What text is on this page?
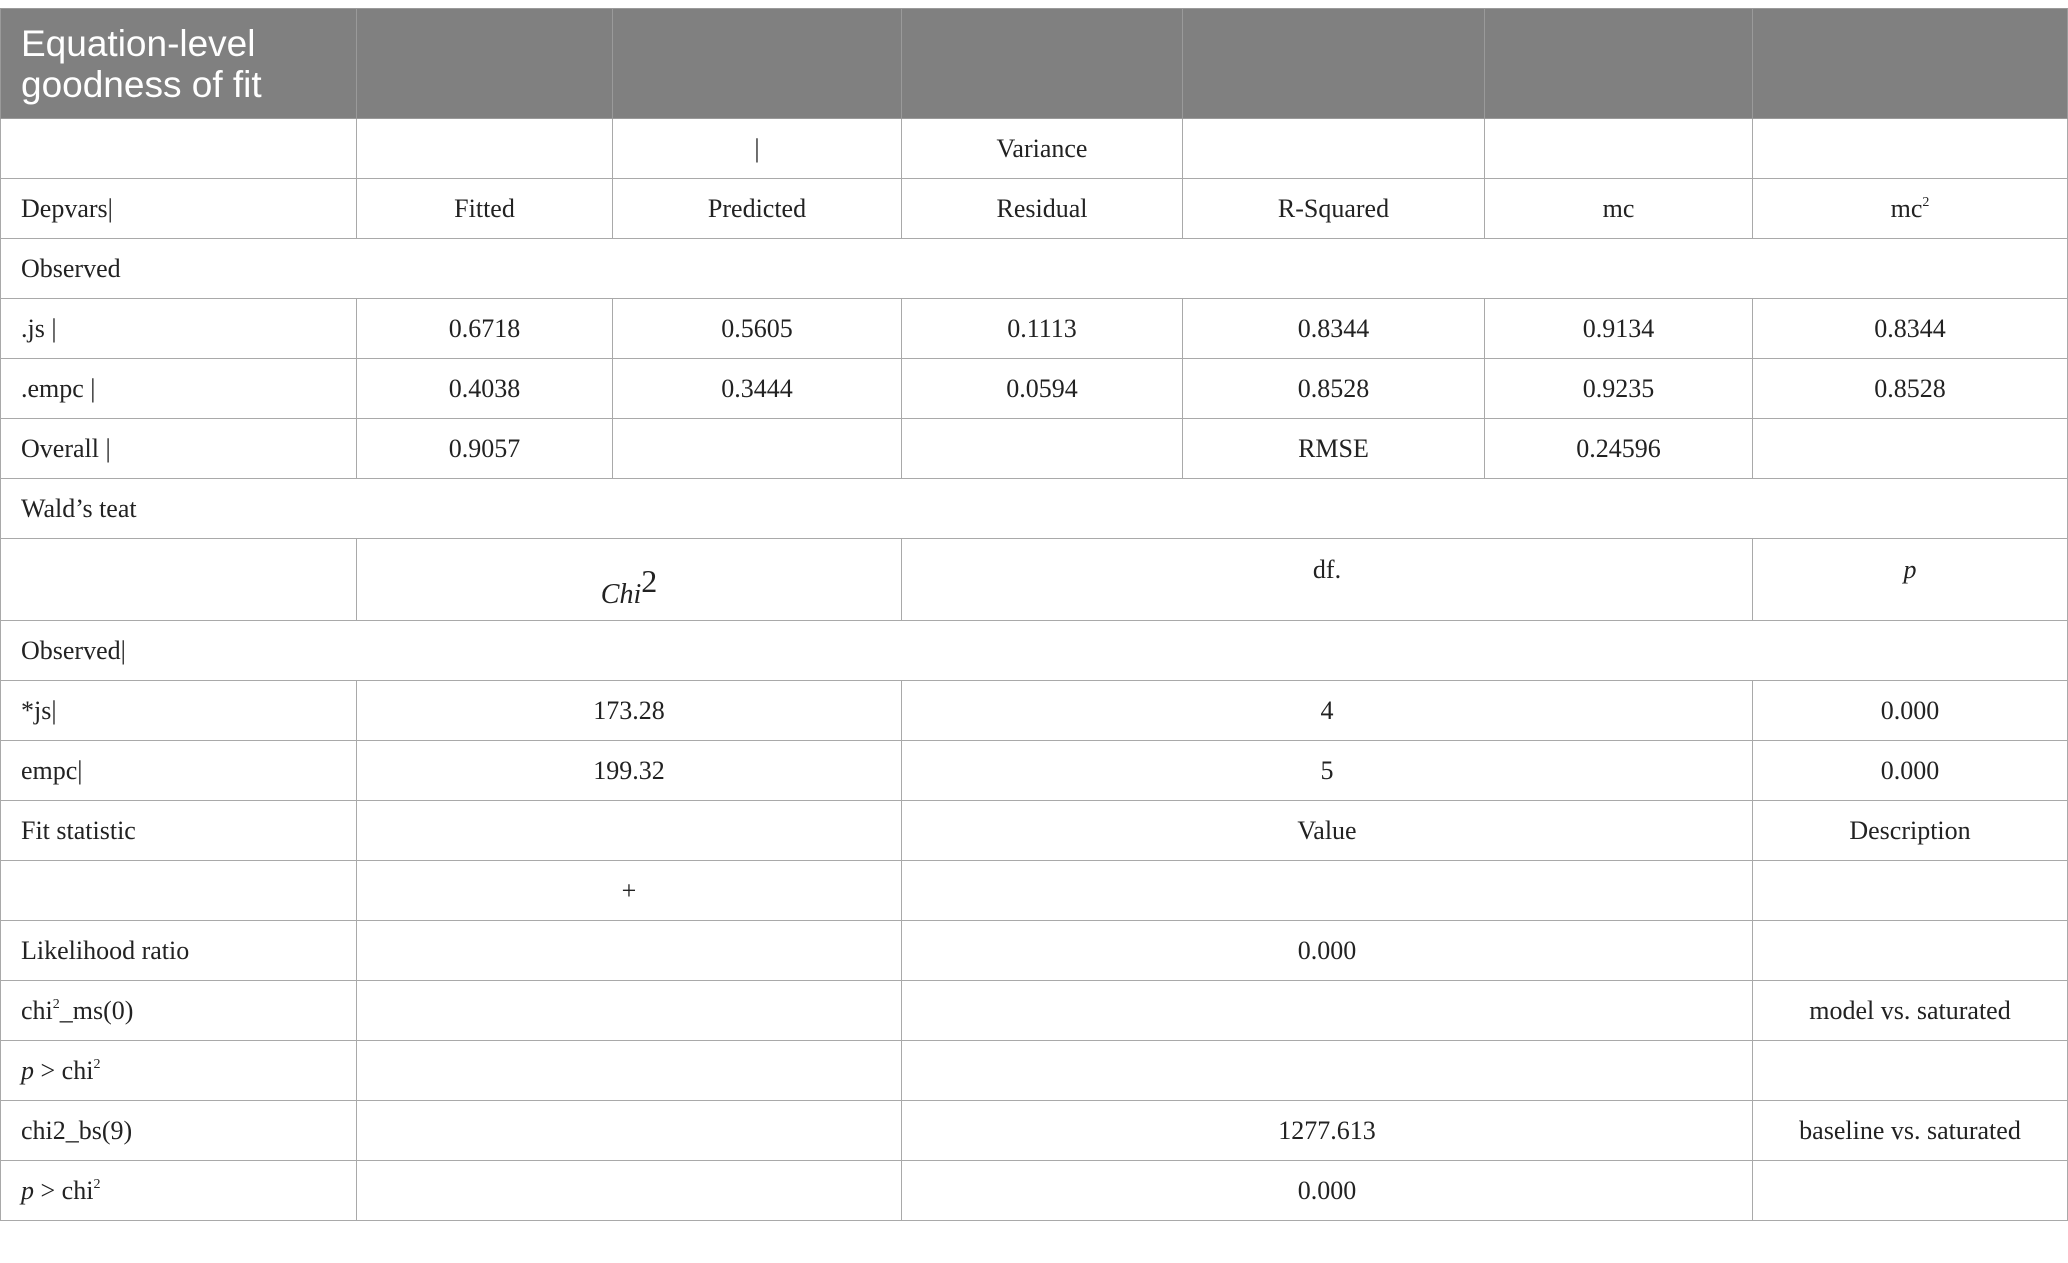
Equation-level goodness of fit						

		|	Variance			
Depvars|	Fitted	Predicted	Residual	R-Squared	mc	$mc^2$
Observed						
.js |	0.6718	0.5605	0.1113	0.8344	0.9134	0.8344
.empc |	0.4038	0.3444	0.0594	0.8528	0.9235	0.8528
Overall |	0.9057			RMSE	0.24596	
Wald’s teat						
	Chi2		df.			p
Observed|						
*js|	173.28		4			0.000
empc|	199.32		5			0.000
Fit statistic			Value			Description
	+					
Likelihood ratio			0.000			
chi$^2$_ms(0)						model vs. saturated
p > chi$^2$			
chi2_bs(9)			1277.613			baseline vs. saturated
p > chi$^2$			0.000			
